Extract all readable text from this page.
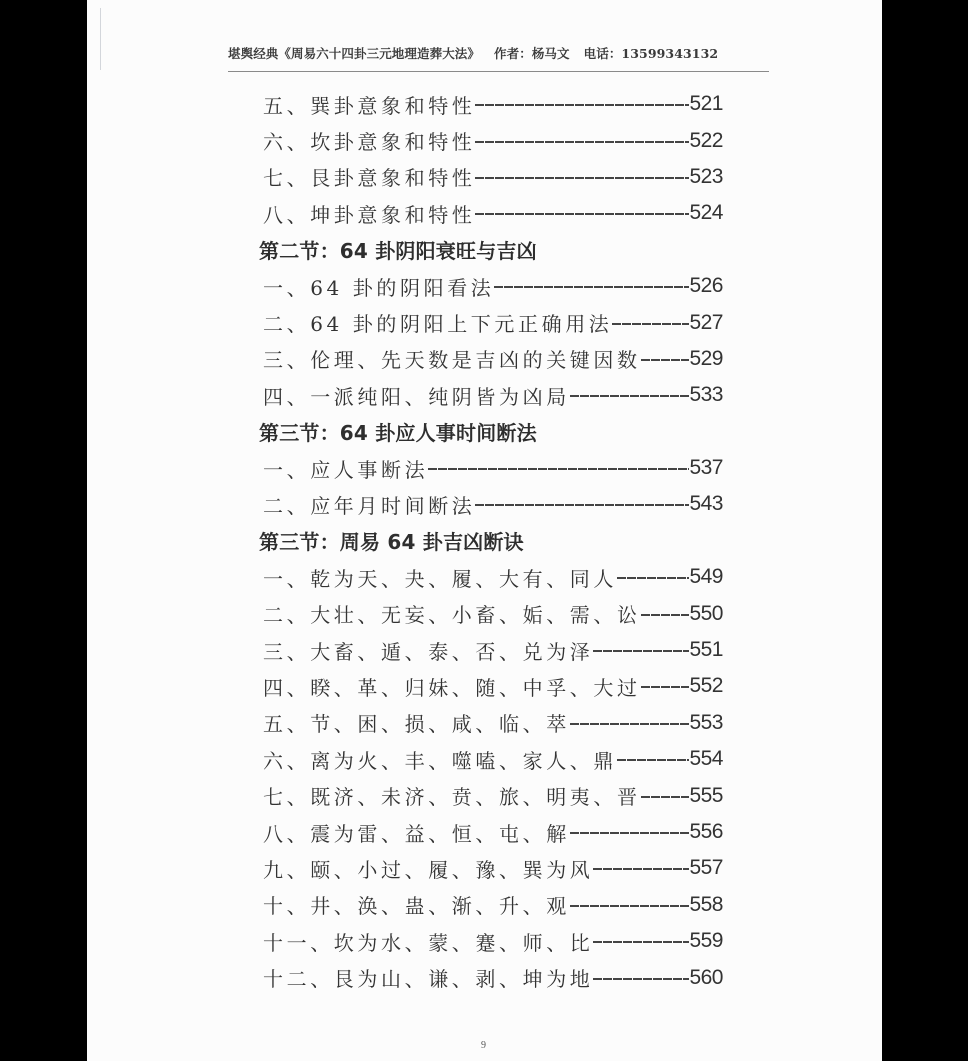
堪舆经典《周易六十四卦三元地理造葬大法》 作者：杨马文 电话：13599343132
五、巽卦意象和特性	521
六、坎卦意象和特性	522
七、艮卦意象和特性	523
八、坤卦意象和特性	524
第二节：64 卦阴阳衰旺与吉凶
一、64 卦的阴阳看法	526
二、64 卦的阴阳上下元正确用法	527
三、伦理、先天数是吉凶的关键因数 529
四、一派纯阳、纯阴皆为凶局	533
第三节：64 卦应人事时间断法
一、应人事断法	537
二、应年月时间断法	543
第三节：周易 64 卦吉凶断诀
一、乾为天、夬、履、大有、同人	549
二、大壮、无妄、小畜、姤、需、讼 550
三、大畜、遁、泰、否、兑为泽	551
四、睽、革、归妹、随、中孚、大过 552
五、节、困、损、咸、临、萃	553
六、离为火、丰、噬嗑、家人、鼎	554
七、既济、未济、贲、旅、明夷、晋 555
八、震为雷、益、恒、屯、解	556
九、颐、小过、履、豫、巽为风	557
十、井、涣、蛊、渐、升、观	558
十一、坎为水、蒙、蹇、师、比	559
十二、艮为山、谦、剥、坤为地	560
9
